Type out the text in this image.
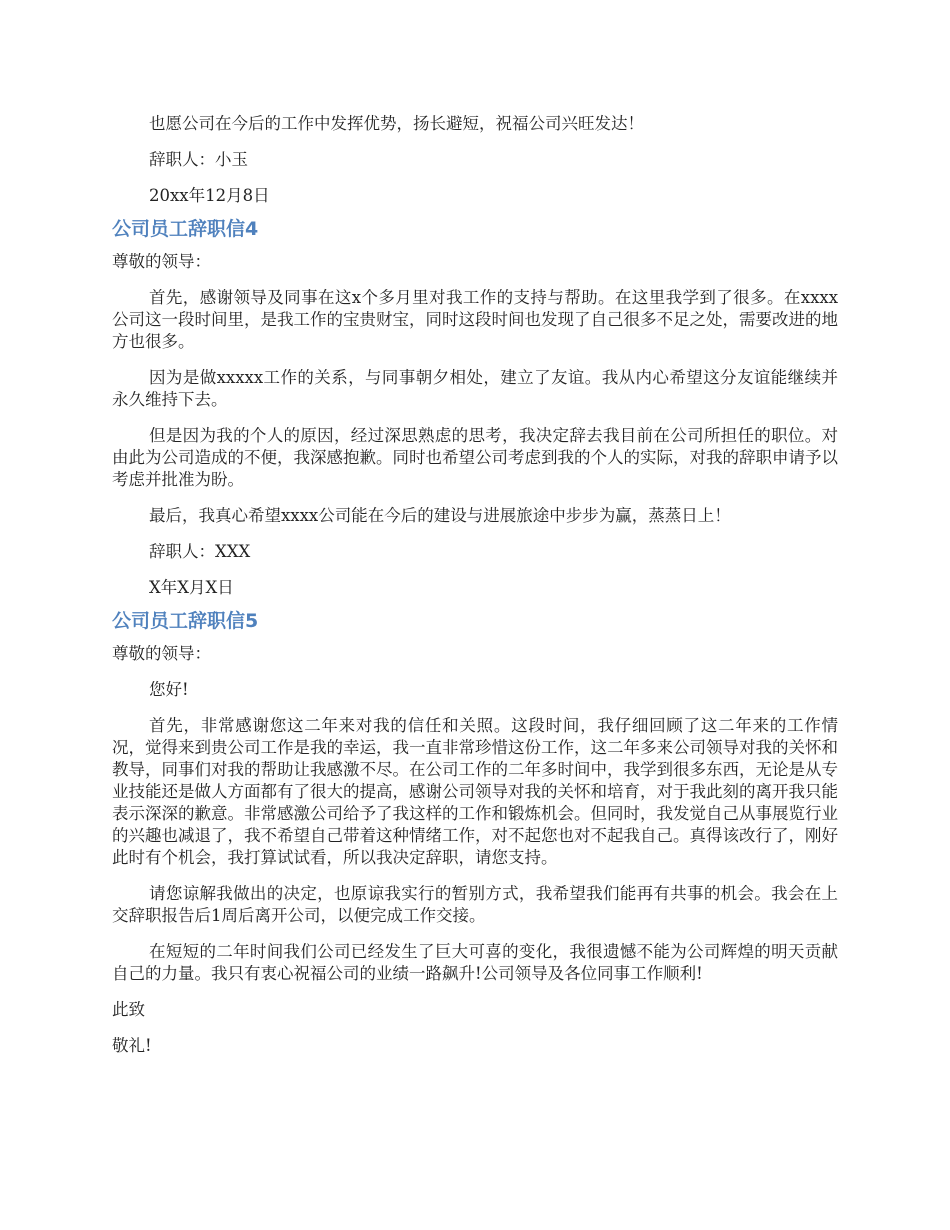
也愿公司在今后的工作中发挥优势，扬长避短，祝福公司兴旺发达！

辞职人：小玉

20xx年12月8日

公司员工辞职信4

尊敬的领导：

首先，感谢领导及同事在这x个多月里对我工作的支持与帮助。在这里我学到了很多。在xxxx公司这一段时间里，是我工作的宝贵财宝，同时这段时间也发现了自己很多不足之处，需要改进的地方也很多。

因为是做xxxxx工作的关系，与同事朝夕相处，建立了友谊。我从内心希望这分友谊能继续并永久维持下去。

但是因为我的个人的原因，经过深思熟虑的思考，我决定辞去我目前在公司所担任的职位。对由此为公司造成的不便，我深感抱歉。同时也希望公司考虑到我的个人的实际，对我的辞职申请予以考虑并批准为盼。

最后，我真心希望xxxx公司能在今后的建设与进展旅途中步步为赢，蒸蒸日上！

辞职人：XXX

X年X月X日

公司员工辞职信5

尊敬的领导：

您好!

首先，非常感谢您这二年来对我的信任和关照。这段时间，我仔细回顾了这二年来的工作情况，觉得来到贵公司工作是我的幸运，我一直非常珍惜这份工作，这二年多来公司领导对我的关怀和教导，同事们对我的帮助让我感激不尽。在公司工作的二年多时间中，我学到很多东西，无论是从专业技能还是做人方面都有了很大的提高，感谢公司领导对我的关怀和培育，对于我此刻的离开我只能表示深深的歉意。非常感激公司给予了我这样的工作和锻炼机会。但同时，我发觉自己从事展览行业的兴趣也减退了，我不希望自己带着这种情绪工作，对不起您也对不起我自己。真得该改行了，刚好此时有个机会，我打算试试看，所以我决定辞职，请您支持。

请您谅解我做出的决定，也原谅我实行的暂别方式，我希望我们能再有共事的机会。我会在上交辞职报告后1周后离开公司，以便完成工作交接。

在短短的二年时间我们公司已经发生了巨大可喜的变化，我很遗憾不能为公司辉煌的明天贡献自己的力量。我只有衷心祝福公司的业绩一路飙升!公司领导及各位同事工作顺利!

此致

敬礼!
